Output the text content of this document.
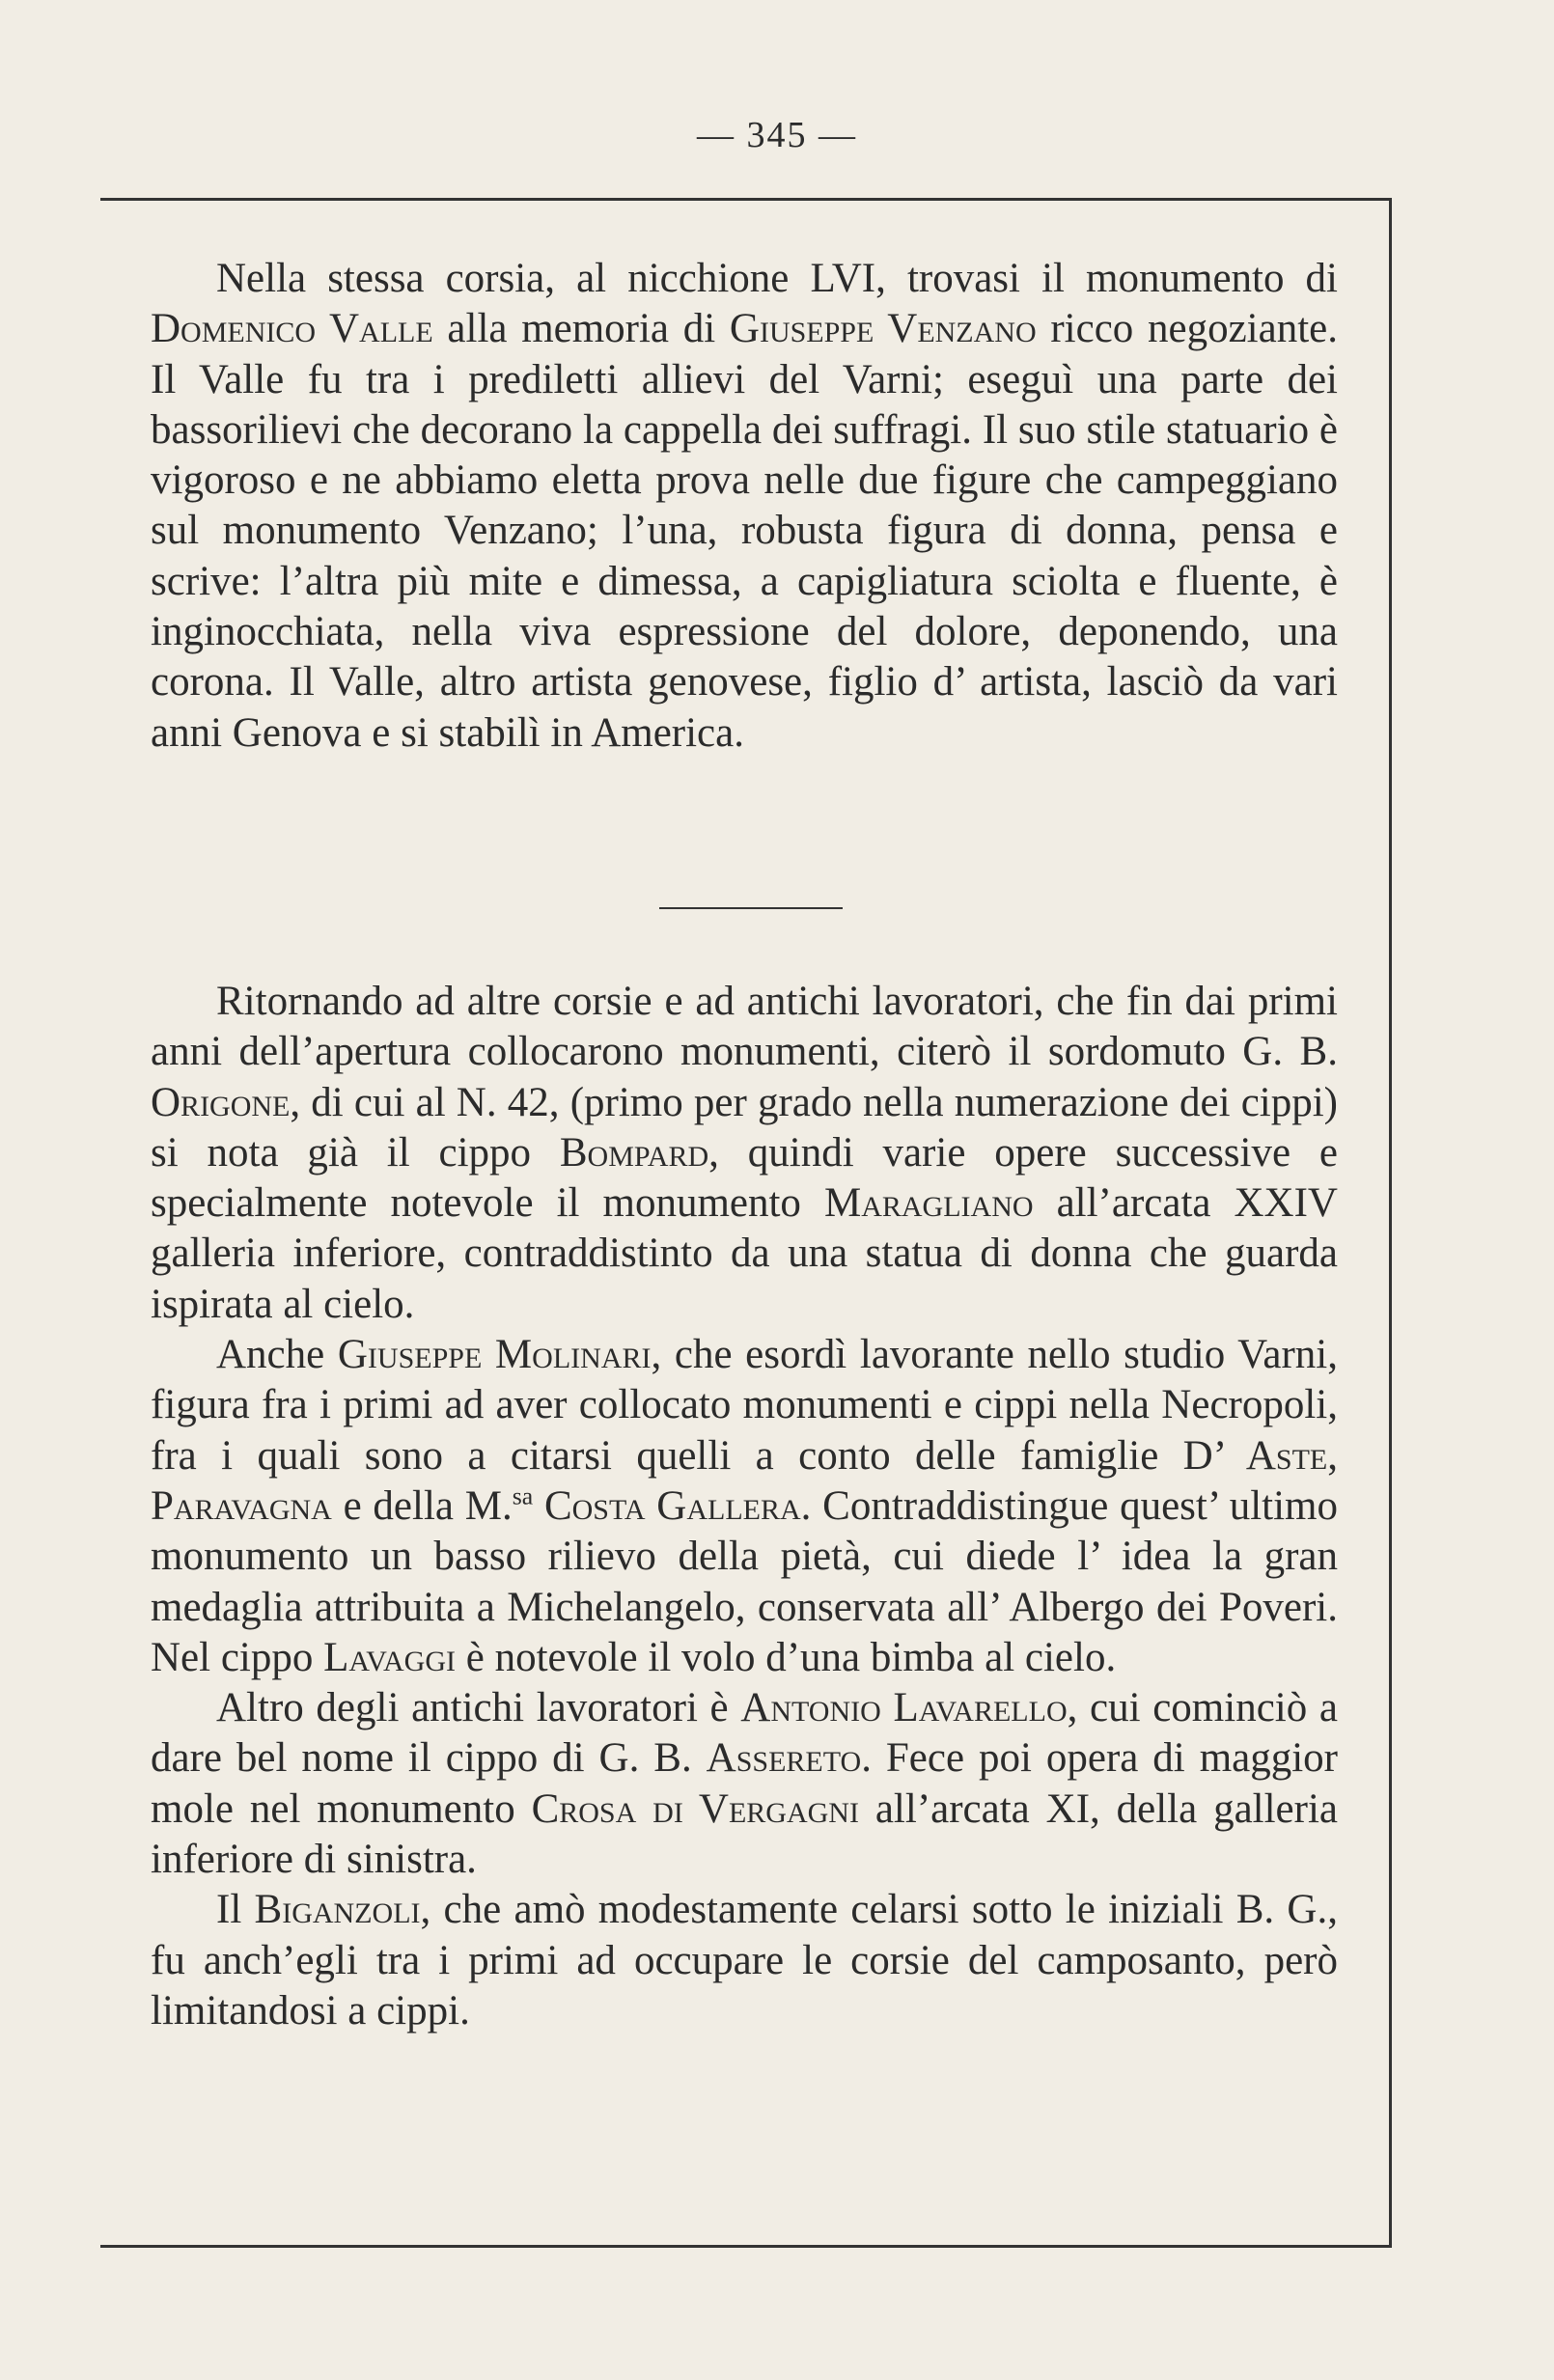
— 345 —

Nella stessa corsia, al nicchione LVI, trovasi il monumento di Domenico Valle alla memoria di Giuseppe Venzano ricco negoziante. Il Valle fu tra i prediletti allievi del Varni; eseguì una parte dei bassorilievi che decorano la cappella dei suffragi. Il suo stile statuario è vigoroso e ne abbiamo eletta prova nelle due figure che campeggiano sul monumento Venzano; l’una, robusta figura di donna, pensa e scrive: l’altra più mite e dimessa, a capigliatura sciolta e fluente, è inginocchiata, nella viva espressione del dolore, deponendo, una corona. Il Valle, altro artista genovese, figlio d’ artista, lasciò da vari anni Genova e si stabilì in America.

Ritornando ad altre corsie e ad antichi lavoratori, che fin dai primi anni dell’apertura collocarono monumenti, citerò il sordomuto G. B. Origone, di cui al N. 42, (primo per grado nella numerazione dei cippi) si nota già il cippo Bompard, quindi varie opere successive e specialmente notevole il monumento Maragliano all’arcata XXIV galleria inferiore, contraddistinto da una statua di donna che guarda ispirata al cielo.

Anche Giuseppe Molinari, che esordì lavorante nello studio Varni, figura fra i primi ad aver collocato monumenti e cippi nella Necropoli, fra i quali sono a citarsi quelli a conto delle famiglie D’ Aste, Paravagna e della M.$^{sa}$ Costa Gallera. Contraddistingue quest’ ultimo monumento un basso rilievo della pietà, cui diede l’ idea la gran medaglia attribuita a Michelangelo, conservata all’ Albergo dei Poveri. Nel cippo Lavaggi è notevole il volo d’una bimba al cielo.

Altro degli antichi lavoratori è Antonio Lavarello, cui cominciò a dare bel nome il cippo di G. B. Assereto. Fece poi opera di maggior mole nel monumento Crosa di Vergagni all’arcata XI, della galleria inferiore di sinistra.

Il Biganzoli, che amò modestamente celarsi sotto le iniziali B. G., fu anch’egli tra i primi ad occupare le corsie del camposanto, però limitandosi a cippi.
